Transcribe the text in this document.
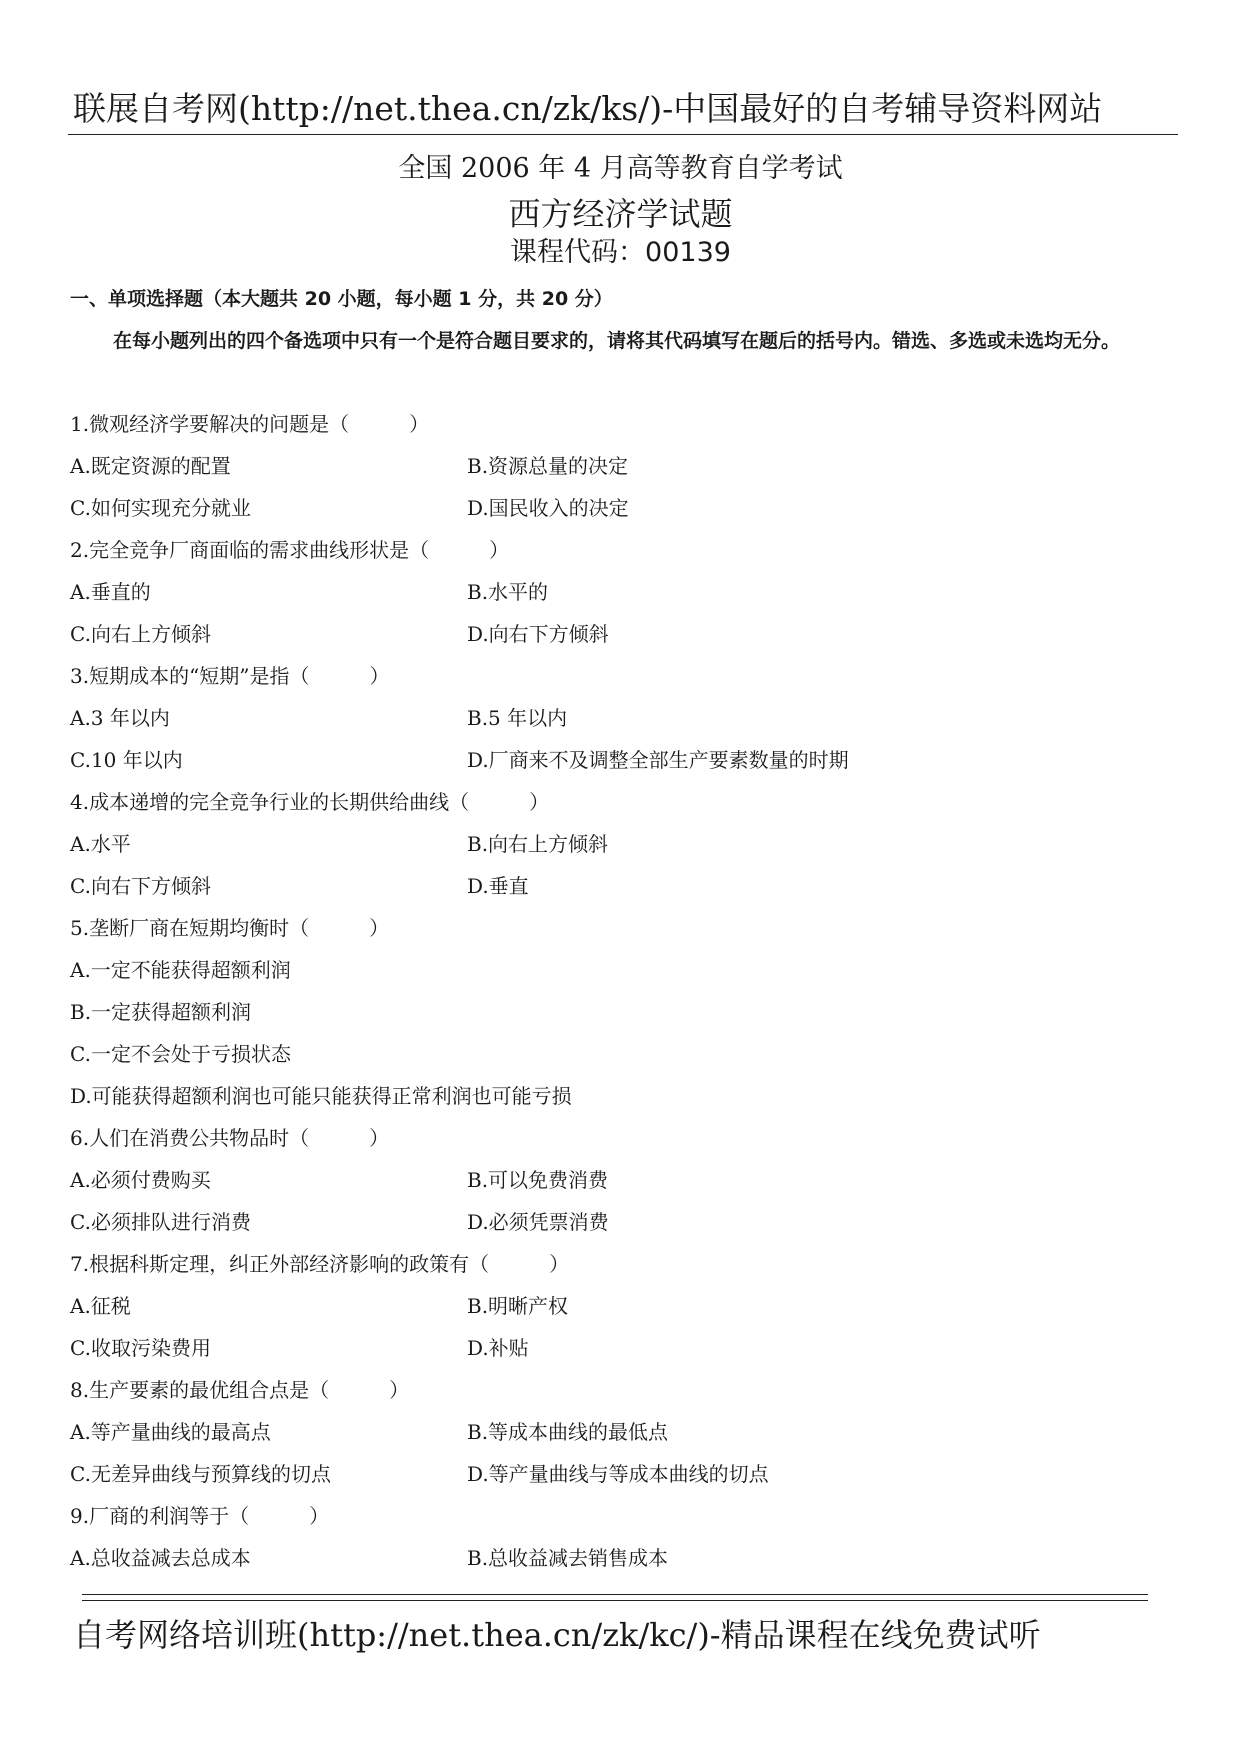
联展自考网(http://net.thea.cn/zk/ks/)-中国最好的自考辅导资料网站
全国 2006 年 4 月高等教育自学考试
西方经济学试题
课程代码：00139
一、单项选择题（本大题共 20 小题，每小题 1 分，共 20 分）
在每小题列出的四个备选项中只有一个是符合题目要求的，请将其代码填写在题后的括号内。错选、多选或未选均无分。
1.微观经济学要解决的问题是（　　　）
A.既定资源的配置	B.资源总量的决定
C.如何实现充分就业	D.国民收入的决定
2.完全竞争厂商面临的需求曲线形状是（　　　）
A.垂直的	B.水平的
C.向右上方倾斜	D.向右下方倾斜
3.短期成本的“短期”是指（　　　）
A.3 年以内	B.5 年以内
C.10 年以内	D.厂商来不及调整全部生产要素数量的时期
4.成本递增的完全竞争行业的长期供给曲线（　　　）
A.水平	B.向右上方倾斜
C.向右下方倾斜	D.垂直
5.垄断厂商在短期均衡时（　　　）
A.一定不能获得超额利润
B.一定获得超额利润
C.一定不会处于亏损状态
D.可能获得超额利润也可能只能获得正常利润也可能亏损
6.人们在消费公共物品时（　　　）
A.必须付费购买	B.可以免费消费
C.必须排队进行消费	D.必须凭票消费
7.根据科斯定理，纠正外部经济影响的政策有（　　　）
A.征税	B.明晰产权
C.收取污染费用	D.补贴
8.生产要素的最优组合点是（　　　）
A.等产量曲线的最高点	B.等成本曲线的最低点
C.无差异曲线与预算线的切点	D.等产量曲线与等成本曲线的切点
9.厂商的利润等于（　　　）
A.总收益减去总成本	B.总收益减去销售成本
自考网络培训班(http://net.thea.cn/zk/kc/)-精品课程在线免费试听
